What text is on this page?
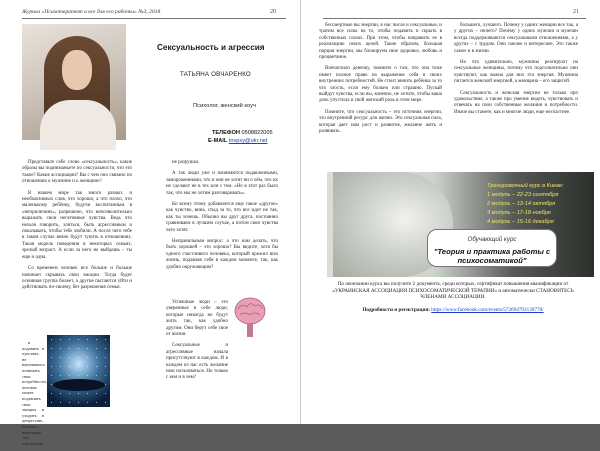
Журнал «Психотерапевт и все для его работы» №3, 2018	20
Сексуальность и агрессия
ТАТЬЯНА ОВЧАРЕНКО
Психолог, женский коуч
ТЕЛЕФОН 0508822005
E-MAIL tovpsy@ukr.net

Представьте себе слово «сексуальность», какие образы вы подниманьете по сексуальности, что это такое? Какие ассоциации? Вы с чем оно связано по отношению к мужчине и к женщине?

В нашем мире так много разных и необъяснимых слов, что хорошо, а что плохо, что маленькому ребёнку, будучи воспитанным в «неприличиях», разрешено, что непозволительно выражать свои негативные чувства. Ведь что нельзя говорить, злиться, быть агрессивным и показывать, чтобы тебе любили. А после чего тебе в таком случае вечно будут тупить в отношениях. Такая модель поведения в некоторых семьях, зрелый возраст. А если за него не выйдешь – ты еще и одна.

Со временем человек все больше и больше начинает скрывать свои эмоции. Тогда будет основная группа болеет, а другие пытаются уйти и действовать по-своему, без разрешения семьи.

в подавить в чувствах, не научившись понимать свои потребности, человек может подавлять свои эмоции и уходить в депрессию, болезнь, ненужные ему отношения.

не разрушал.

А так люди уже и начинаются подавленными, замороженными, что и они не хотят ни о чём, что их не сделают не в тех или с тем. «Но в этот раз было так, что мы не хотим разговаривать».

Ко всему этому добавляется еще такое «другое» как чувство, вина, стыд за то, что все идет не так, как ты хочешь. Обычно вы друг друга, постоянно сравниваем в лучшем случае, а потом свои чувства чего хотят.

Неправильным вопрос: а что нам делать, что быть хорошей – это хорошо? Вы видите, хотя бы одного счастливого человека, который прожил всю жизнь, подавляя себя в каждом моменте, так, как удобно окружающим?

Успешные люди – это уверенные в себе люди, которые никогда не будут жить так, как удобно другим. Они берут себе свое от жизни.

Сексуальные и агрессивные начала присутствуют в каждом. И в каждом из нас есть желание ими пользоваться. Но только с кем и в чем?

21

бессмертные вы энергии, в нас числе и сексуальные, и тратим все силы на то, чтобы подавить и скрыть в собственных глазах. При этом, чтобы направить ее в реализацию своих целей. Такие образом, большая порция энергии, мы блокируем свое здоровье, любовь и процветание.

Впечатлило девочку, помните о том, что она тоже имеет полное право на выражение себя и своих внутренних потребностей. Не стоит винить ребёнка за то что злость, если ему больно или страшно. Пускай выйдут чувства, если вы, конечно, не хотите, чтобы ваша дочь упустила и свой женский роль в этом мире.

Помните, что сексуальность – это источник энергии, это внутренний ресурс для жизни. Это сексуальная сила, которая дает нам рост и развитие, желание жить и развивать.

большего, лучшего. Почему у одних женщин все так, а у других – ничего? Почему у одних мужчин и мужчин всегда поддерживаются сексуальными отношениями, а у других – с трудом. Они смелее и интереснее. Это также самое и в жизни.

Но что удивительно, мужчины реагируют на сексуальные женщины, потому что подсознательно они чувствуют, как важна для них эта энергия. Мужчина питается женской энергией, а женщина – его защитой.

Сексуальность и женская энергия не только про удовольствие, а также про умение видеть, чувствовать и отвечать на свои собственные желания и потребности. Иначе вы станете, как и многие люди, еще несчастнее.

Тренировочный курс в Киеве:
1 модуль – 22-23 сентября
2 модуль – 13-14 октября
3 модуль – 17-18 ноября
4 модуль – 15-16 декабря
Обучающий курс
"Теория и практика работы с психосоматикой"

По окончании курса вы получите 2 документа, среди которых, сертификат повышения квалификации от «УКРАИНСКАЯ АССОЦИАЦИЯ ПСИХОСОМАТИЧЕСКОЙ ТЕРАПИИ» и автоматически СТАНОВИТЕСЬ ЧЛЕНАМИ АССОЦИАЦИИ.

Подробности и регистрация: https://www.facebook.com/events/572694793139770/
